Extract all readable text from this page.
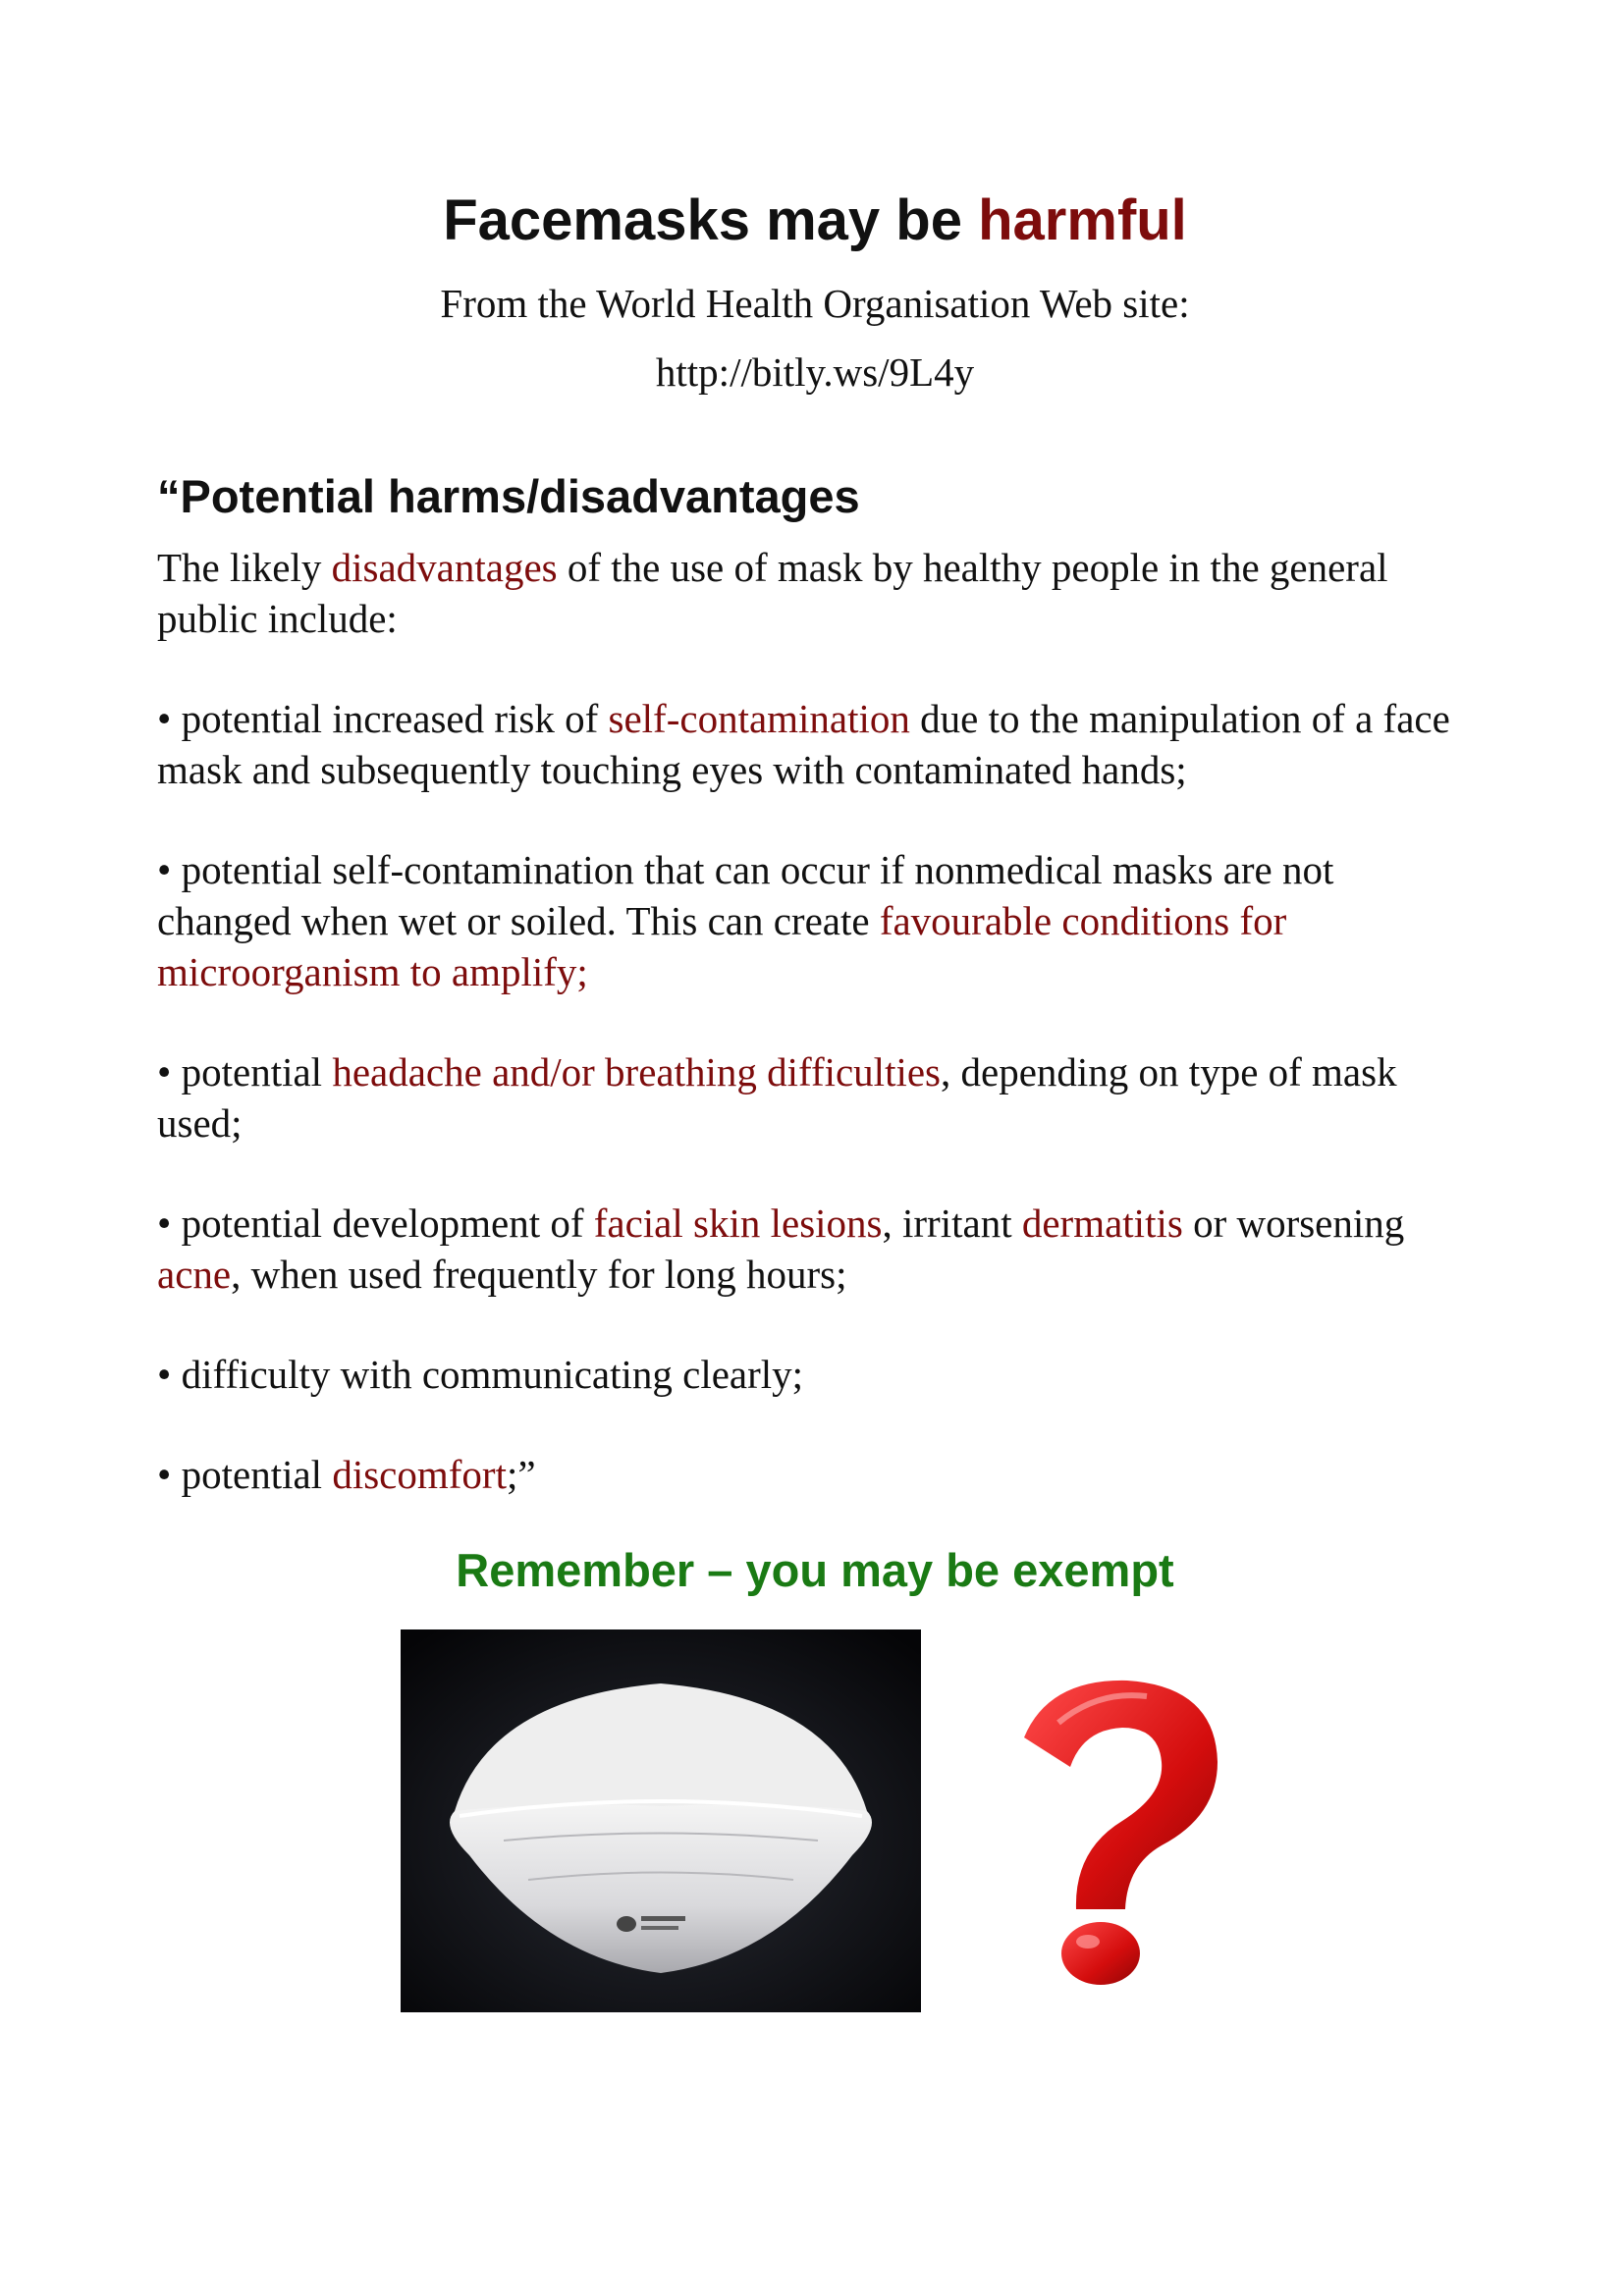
Facemasks may be harmful

From the World Health Organisation Web site:

http://bitly.ws/9L4y

“Potential harms/disadvantages

The likely disadvantages of the use of mask by healthy people in the general public include:

• potential increased risk of self-contamination due to the manipulation of a face mask and subsequently touching eyes with contaminated hands;

• potential self-contamination that can occur if nonmedical masks are not changed when wet or soiled. This can create favourable conditions for microorganism to amplify;

• potential headache and/or breathing difficulties, depending on type of mask used;

• potential development of facial skin lesions, irritant dermatitis or worsening acne, when used frequently for long hours;

• difficulty with communicating clearly;

• potential discomfort;”

Remember – you may be exempt
